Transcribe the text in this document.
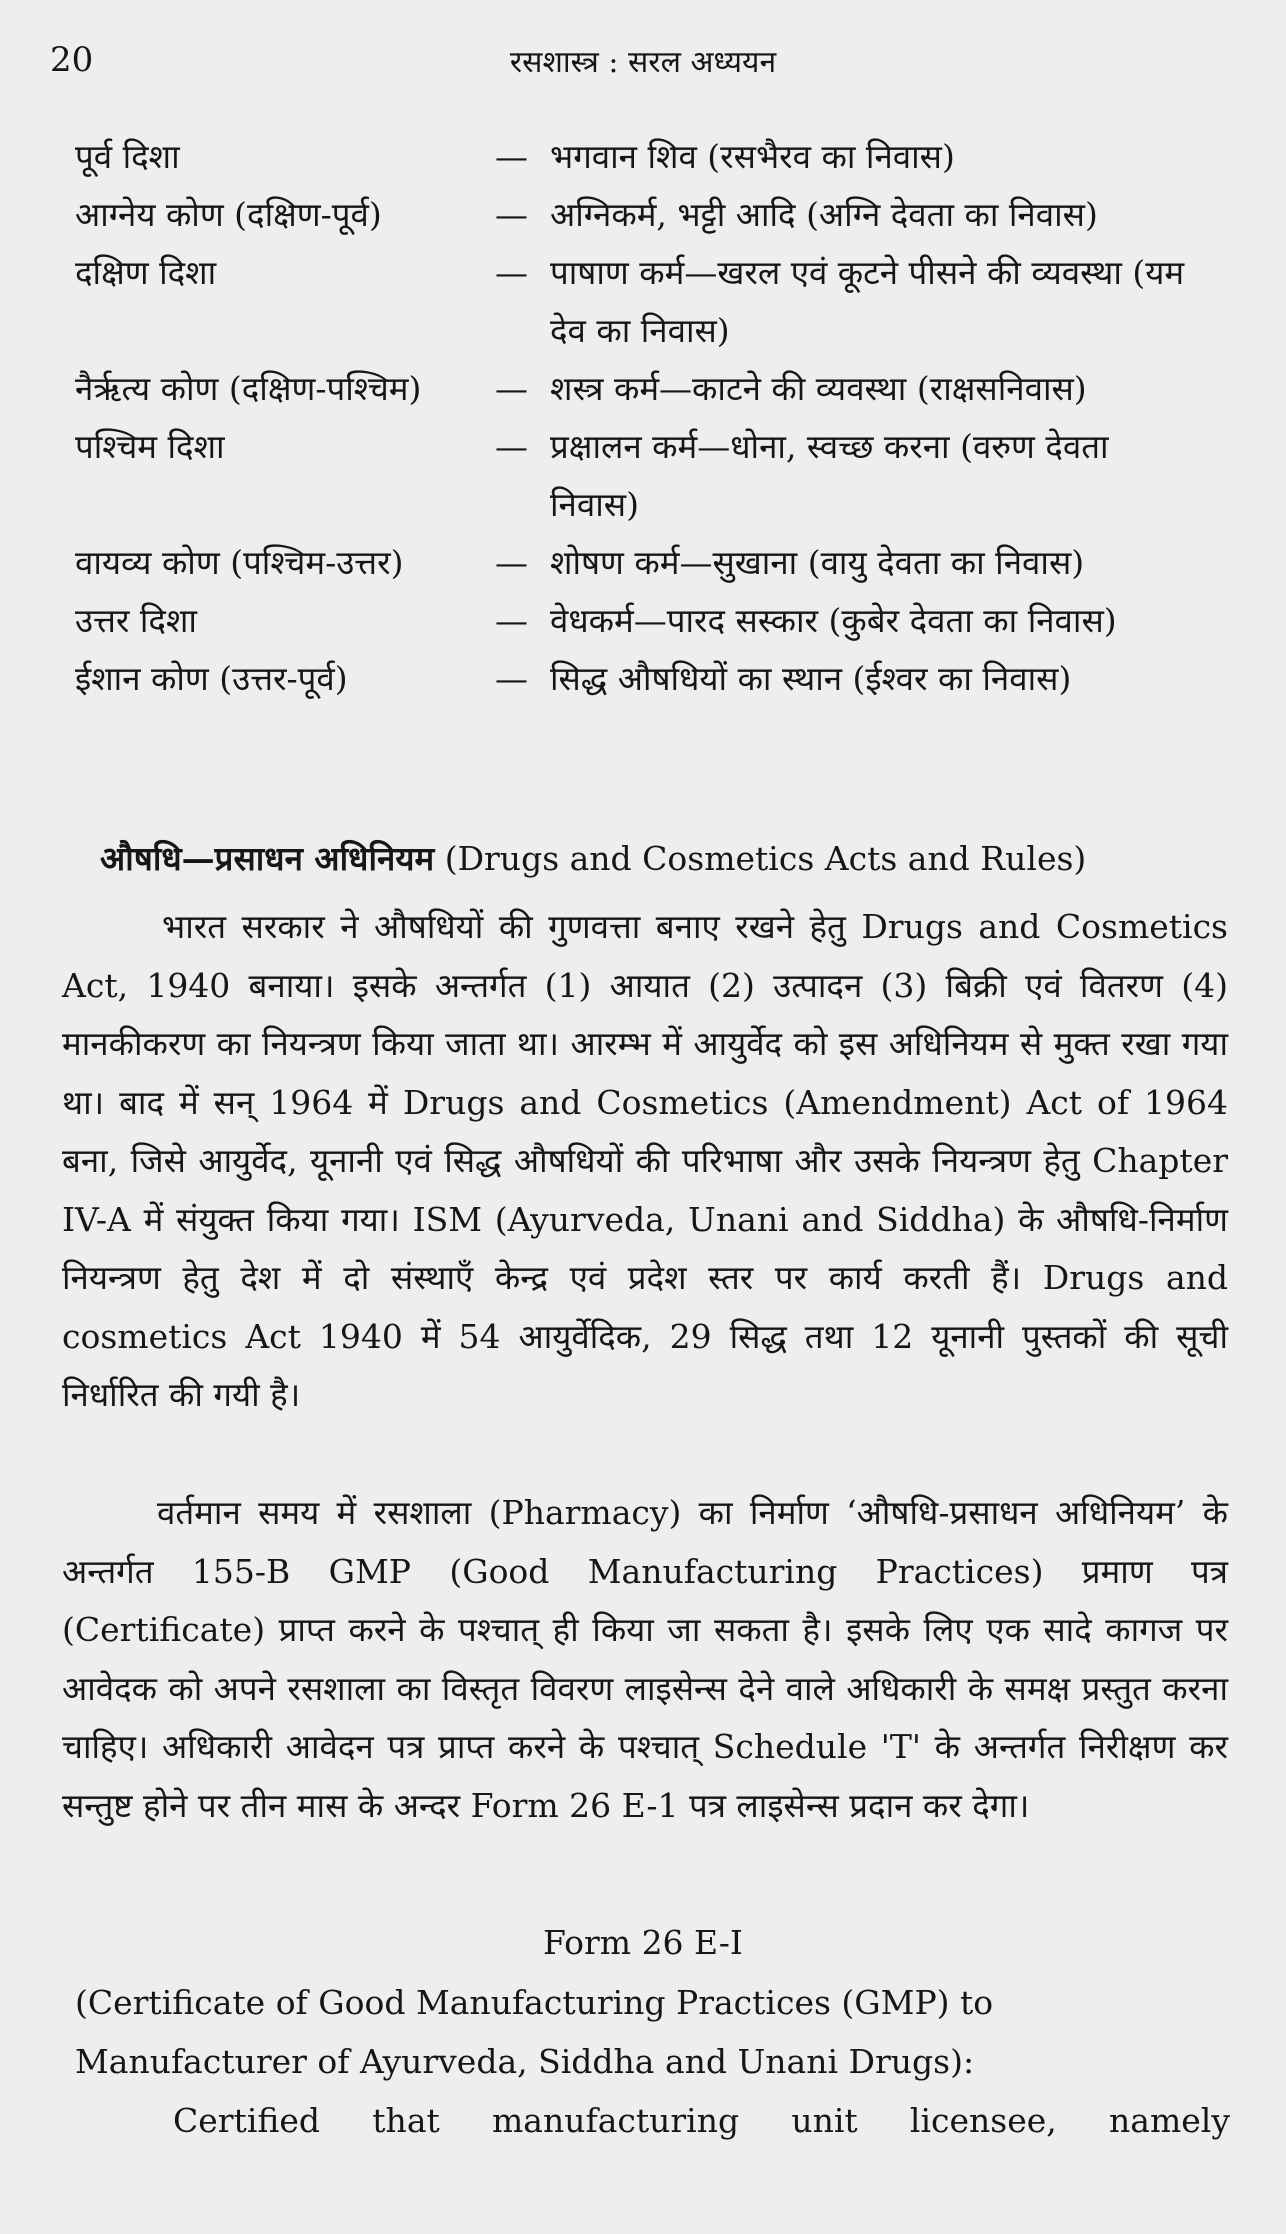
20	रसशास्त्र : सरल अध्ययन
पूर्व दिशा	— भगवान शिव (रसभैरव का निवास)
आग्नेय कोण (दक्षिण-पूर्व)	— अग्निकर्म, भट्टी आदि (अग्नि देवता का निवास)
दक्षिण दिशा	— पाषाण कर्म—खरल एवं कूटने पीसने की व्यवस्था (यम देव का निवास)
नैर्ऋत्य कोण (दक्षिण-पश्चिम)	— शस्त्र कर्म—काटने की व्यवस्था (राक्षसनिवास)
पश्चिम दिशा	— प्रक्षालन कर्म—धोना, स्वच्छ करना (वरुण देवता निवास)
वायव्य कोण (पश्चिम-उत्तर)	— शोषण कर्म—सुखाना (वायु देवता का निवास)
उत्तर दिशा	— वेधकर्म—पारद सस्कार (कुबेर देवता का निवास)
ईशान कोण (उत्तर-पूर्व)	— सिद्ध औषधियों का स्थान (ईश्वर का निवास)
औषधि—प्रसाधन अधिनियम (Drugs and Cosmetics Acts and Rules)

भारत सरकार ने औषधियों की गुणवत्ता बनाए रखने हेतु Drugs and Cosmetics Act, 1940 बनाया। इसके अन्तर्गत (1) आयात (2) उत्पादन (3) बिक्री एवं वितरण (4) मानकीकरण का नियन्त्रण किया जाता था। आरम्भ में आयुर्वेद को इस अधिनियम से मुक्त रखा गया था। बाद में सन् 1964 में Drugs and Cosmetics (Amendment) Act of 1964 बना, जिसे आयुर्वेद, यूनानी एवं सिद्ध औषधियों की परिभाषा और उसके नियन्त्रण हेतु Chapter IV-A में संयुक्त किया गया। ISM (Ayurveda, Unani and Siddha) के औषधि-निर्माण नियन्त्रण हेतु देश में दो संस्थाएँ केन्द्र एवं प्रदेश स्तर पर कार्य करती हैं। Drugs and cosmetics Act 1940 में 54 आयुर्वेदिक, 29 सिद्ध तथा 12 यूनानी पुस्तकों की सूची निर्धारित की गयी है।

वर्तमान समय में रसशाला (Pharmacy) का निर्माण ‘औषधि-प्रसाधन अधिनियम’ के अन्तर्गत 155-B GMP (Good Manufacturing Practices) प्रमाण पत्र (Certificate) प्राप्त करने के पश्चात् ही किया जा सकता है। इसके लिए एक सादे कागज पर आवेदक को अपने रसशाला का विस्तृत विवरण लाइसेन्स देने वाले अधिकारी के समक्ष प्रस्तुत करना चाहिए। अधिकारी आवेदन पत्र प्राप्त करने के पश्चात् Schedule 'T' के अन्तर्गत निरीक्षण कर सन्तुष्ट होने पर तीन मास के अन्दर Form 26 E-1 पत्र लाइसेन्स प्रदान कर देगा।

Form 26 E-I

(Certificate of Good Manufacturing Practices (GMP) to Manufacturer of Ayurveda, Siddha and Unani Drugs):

Certified that manufacturing unit licensee, namely
